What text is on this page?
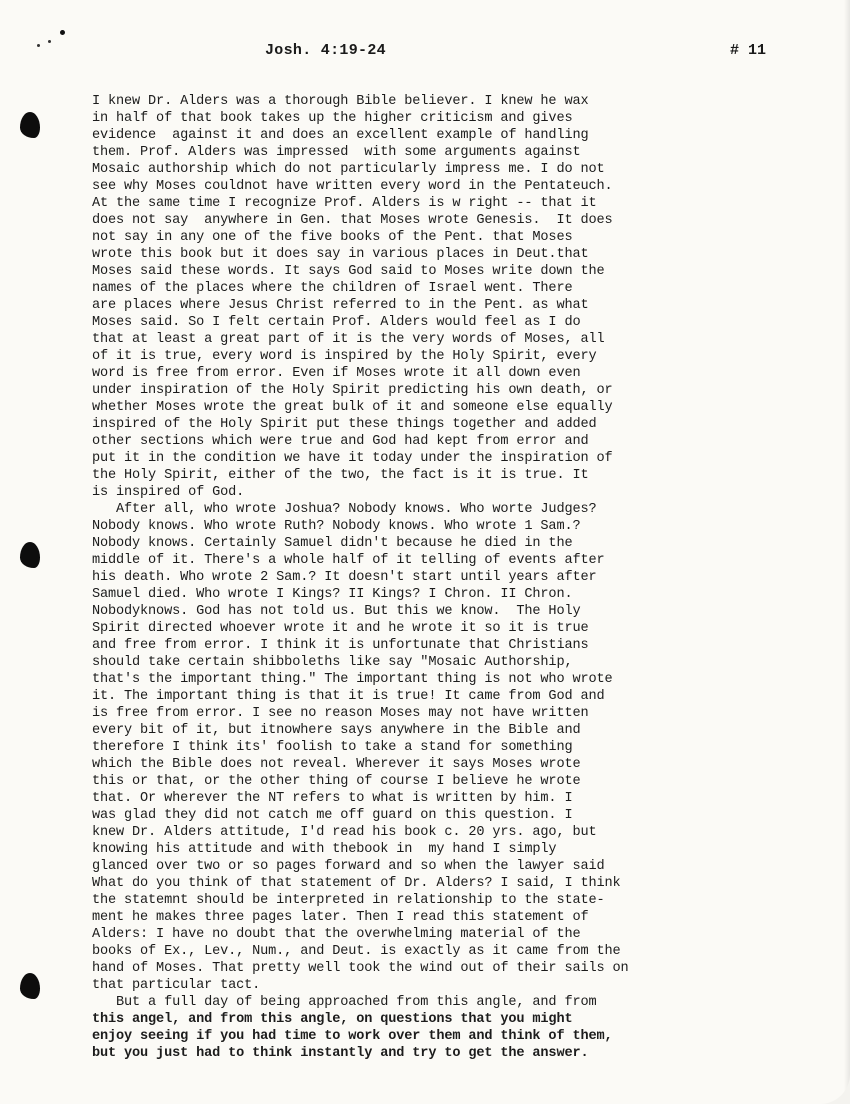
Josh. 4:19-24	# 11
I knew Dr. Alders was a thorough Bible believer. I knew he wax
in half of that book takes up the higher criticism and gives
evidence  against it and does an excellent example of handling
them. Prof. Alders was impressed  with some arguments against
Mosaic authorship which do not particularly impress me. I do not
see why Moses couldnot have written every word in the Pentateuch.
At the same time I recognize Prof. Alders is w right -- that it
does not say  anywhere in Gen. that Moses wrote Genesis.  It does
not say in any one of the five books of the Pent. that Moses
wrote this book but it does say in various places in Deut.that
Moses said these words. It says God said to Moses write down the
names of the places where the children of Israel went. There
are places where Jesus Christ referred to in the Pent. as what
Moses said. So I felt certain Prof. Alders would feel as I do
that at least a great part of it is the very words of Moses, all
of it is true, every word is inspired by the Holy Spirit, every
word is free from error. Even if Moses wrote it all down even
under inspiration of the Holy Spirit predicting his own death, or
whether Moses wrote the great bulk of it and someone else equally
inspired of the Holy Spirit put these things together and added
other sections which were true and God had kept from error and
put it in the condition we have it today under the inspiration of
the Holy Spirit, either of the two, the fact is it is true. It
is inspired of God.
After all, who wrote Joshua? Nobody knows. Who worte Judges?
Nobody knows. Who wrote Ruth? Nobody knows. Who wrote 1 Sam.?
Nobody knows. Certainly Samuel didn't because he died in the
middle of it. There's a whole half of it telling of events after
his death. Who wrote 2 Sam.? It doesn't start until years after
Samuel died. Who wrote I Kings? II Kings? I Chron. II Chron.
Nobodyknows. God has not told us. But this we know.  The Holy
Spirit directed whoever wrote it and he wrote it so it is true
and free from error. I think it is unfortunate that Christians
should take certain shibboleths like say "Mosaic Authorship,
that's the important thing." The important thing is not who wrote
it. The important thing is that it is true! It came from God and
is free from error. I see no reason Moses may not have written
every bit of it, but itnowhere says anywhere in the Bible and
therefore I think its' foolish to take a stand for something
which the Bible does not reveal. Wherever it says Moses wrote
this or that, or the other thing of course I believe he wrote
that. Or wherever the NT refers to what is written by him. I
was glad they did not catch me off guard on this question. I
knew Dr. Alders attitude, I'd read his book c. 20 yrs. ago, but
knowing his attitude and with thebook in  my hand I simply
glanced over two or so pages forward and so when the lawyer said
What do you think of that statement of Dr. Alders? I said, I think
the statemnt should be interpreted in relationship to the state-
ment he makes three pages later. Then I read this statement of
Alders: I have no doubt that the overwhelming material of the
books of Ex., Lev., Num., and Deut. is exactly as it came from the
hand of Moses. That pretty well took the wind out of their sails on
that particular tact.
But a full day of being approached from this angle, and from
this angel, and from this angle, on questions that you might
enjoy seeing if you had time to work over them and think of them,
but you just had to think instantly and try to get the answer.
